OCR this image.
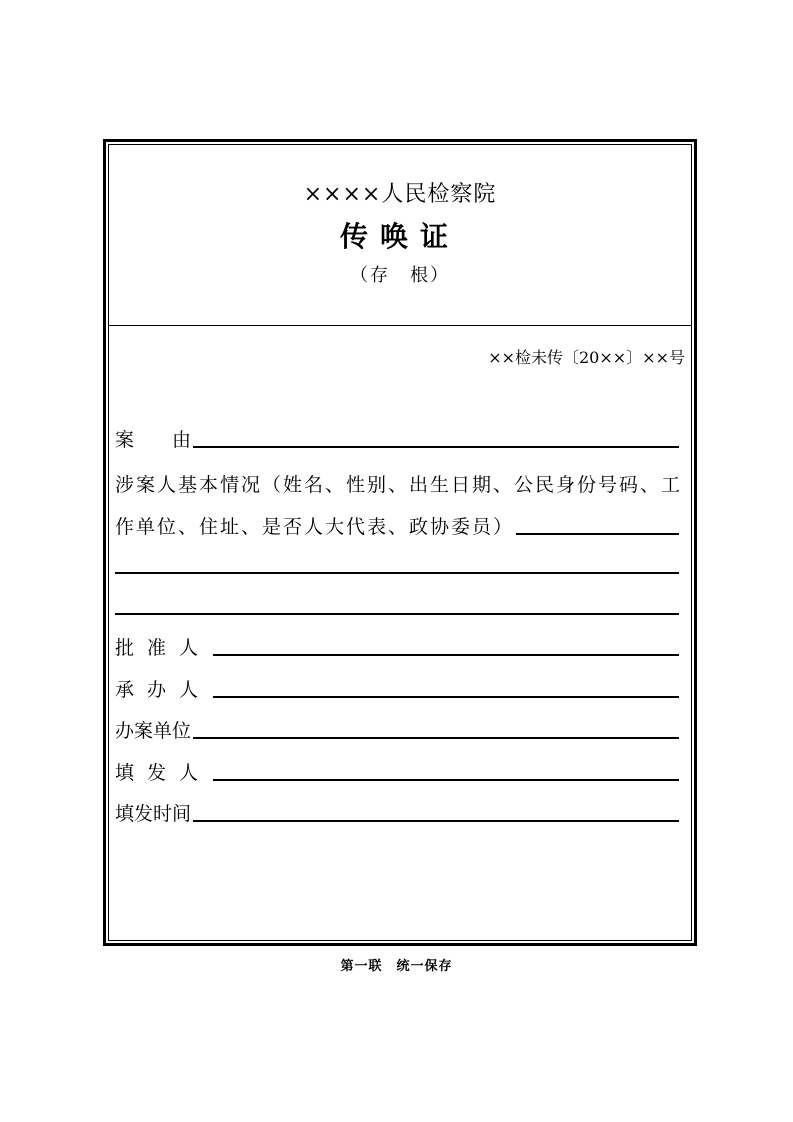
××××人民检察院
传唤证
（存　根）
××检未传〔20××〕××号
案　　由
涉案人基本情况（姓名、性别、出生日期、公民身份号码、工
作单位、住址、是否人大代表、政协委员）
批准人
承办人
办案单位
填发人
填发时间
第一联　统一保存
